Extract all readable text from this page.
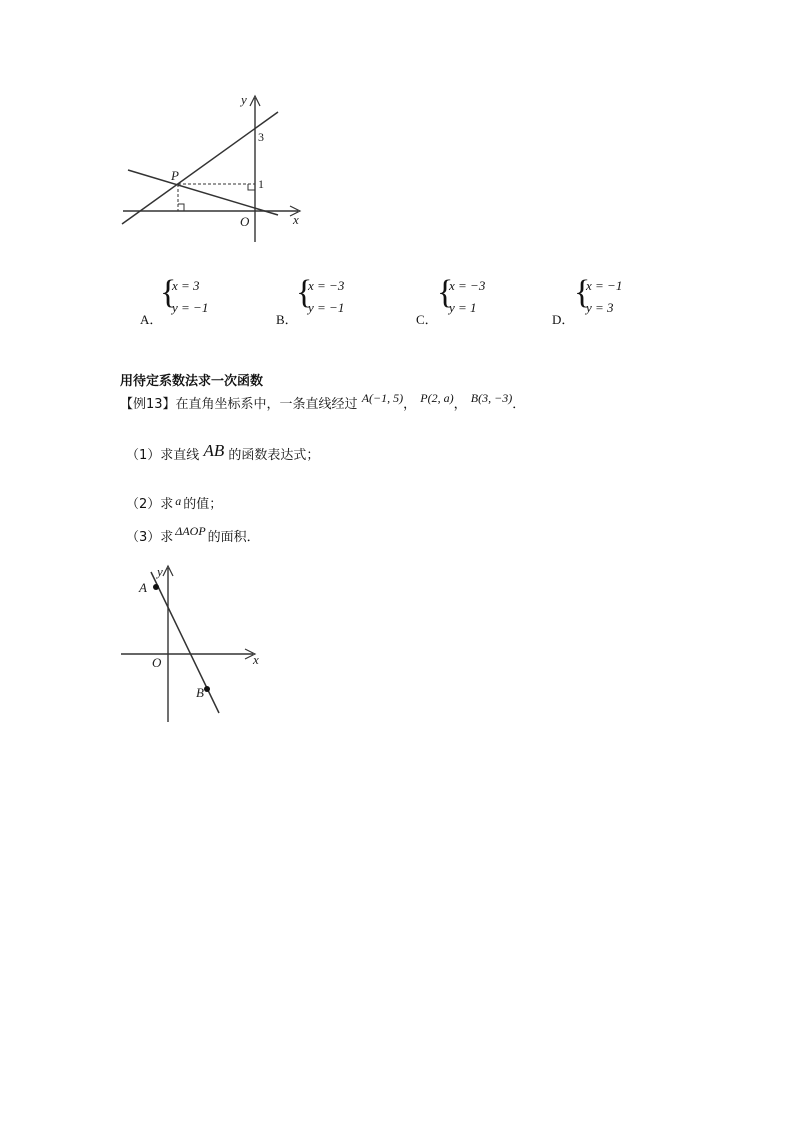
y
x
O
P
3
1
A．
{
x = 3
y = −1
B．
{
x = −3
y = −1
C．
{
x = −3
y = 1
D．
{
x = −1
y = 3
用待定系数法求一次函数
【例13】在直角坐标系中，一条直线经过 A(−1, 5)， P(2, a)， B(3, −3)．
（1）求直线 AB 的函数表达式；
（2）求 a 的值；
（3）求 ΔAOP 的面积．
y
x
O
A
B
